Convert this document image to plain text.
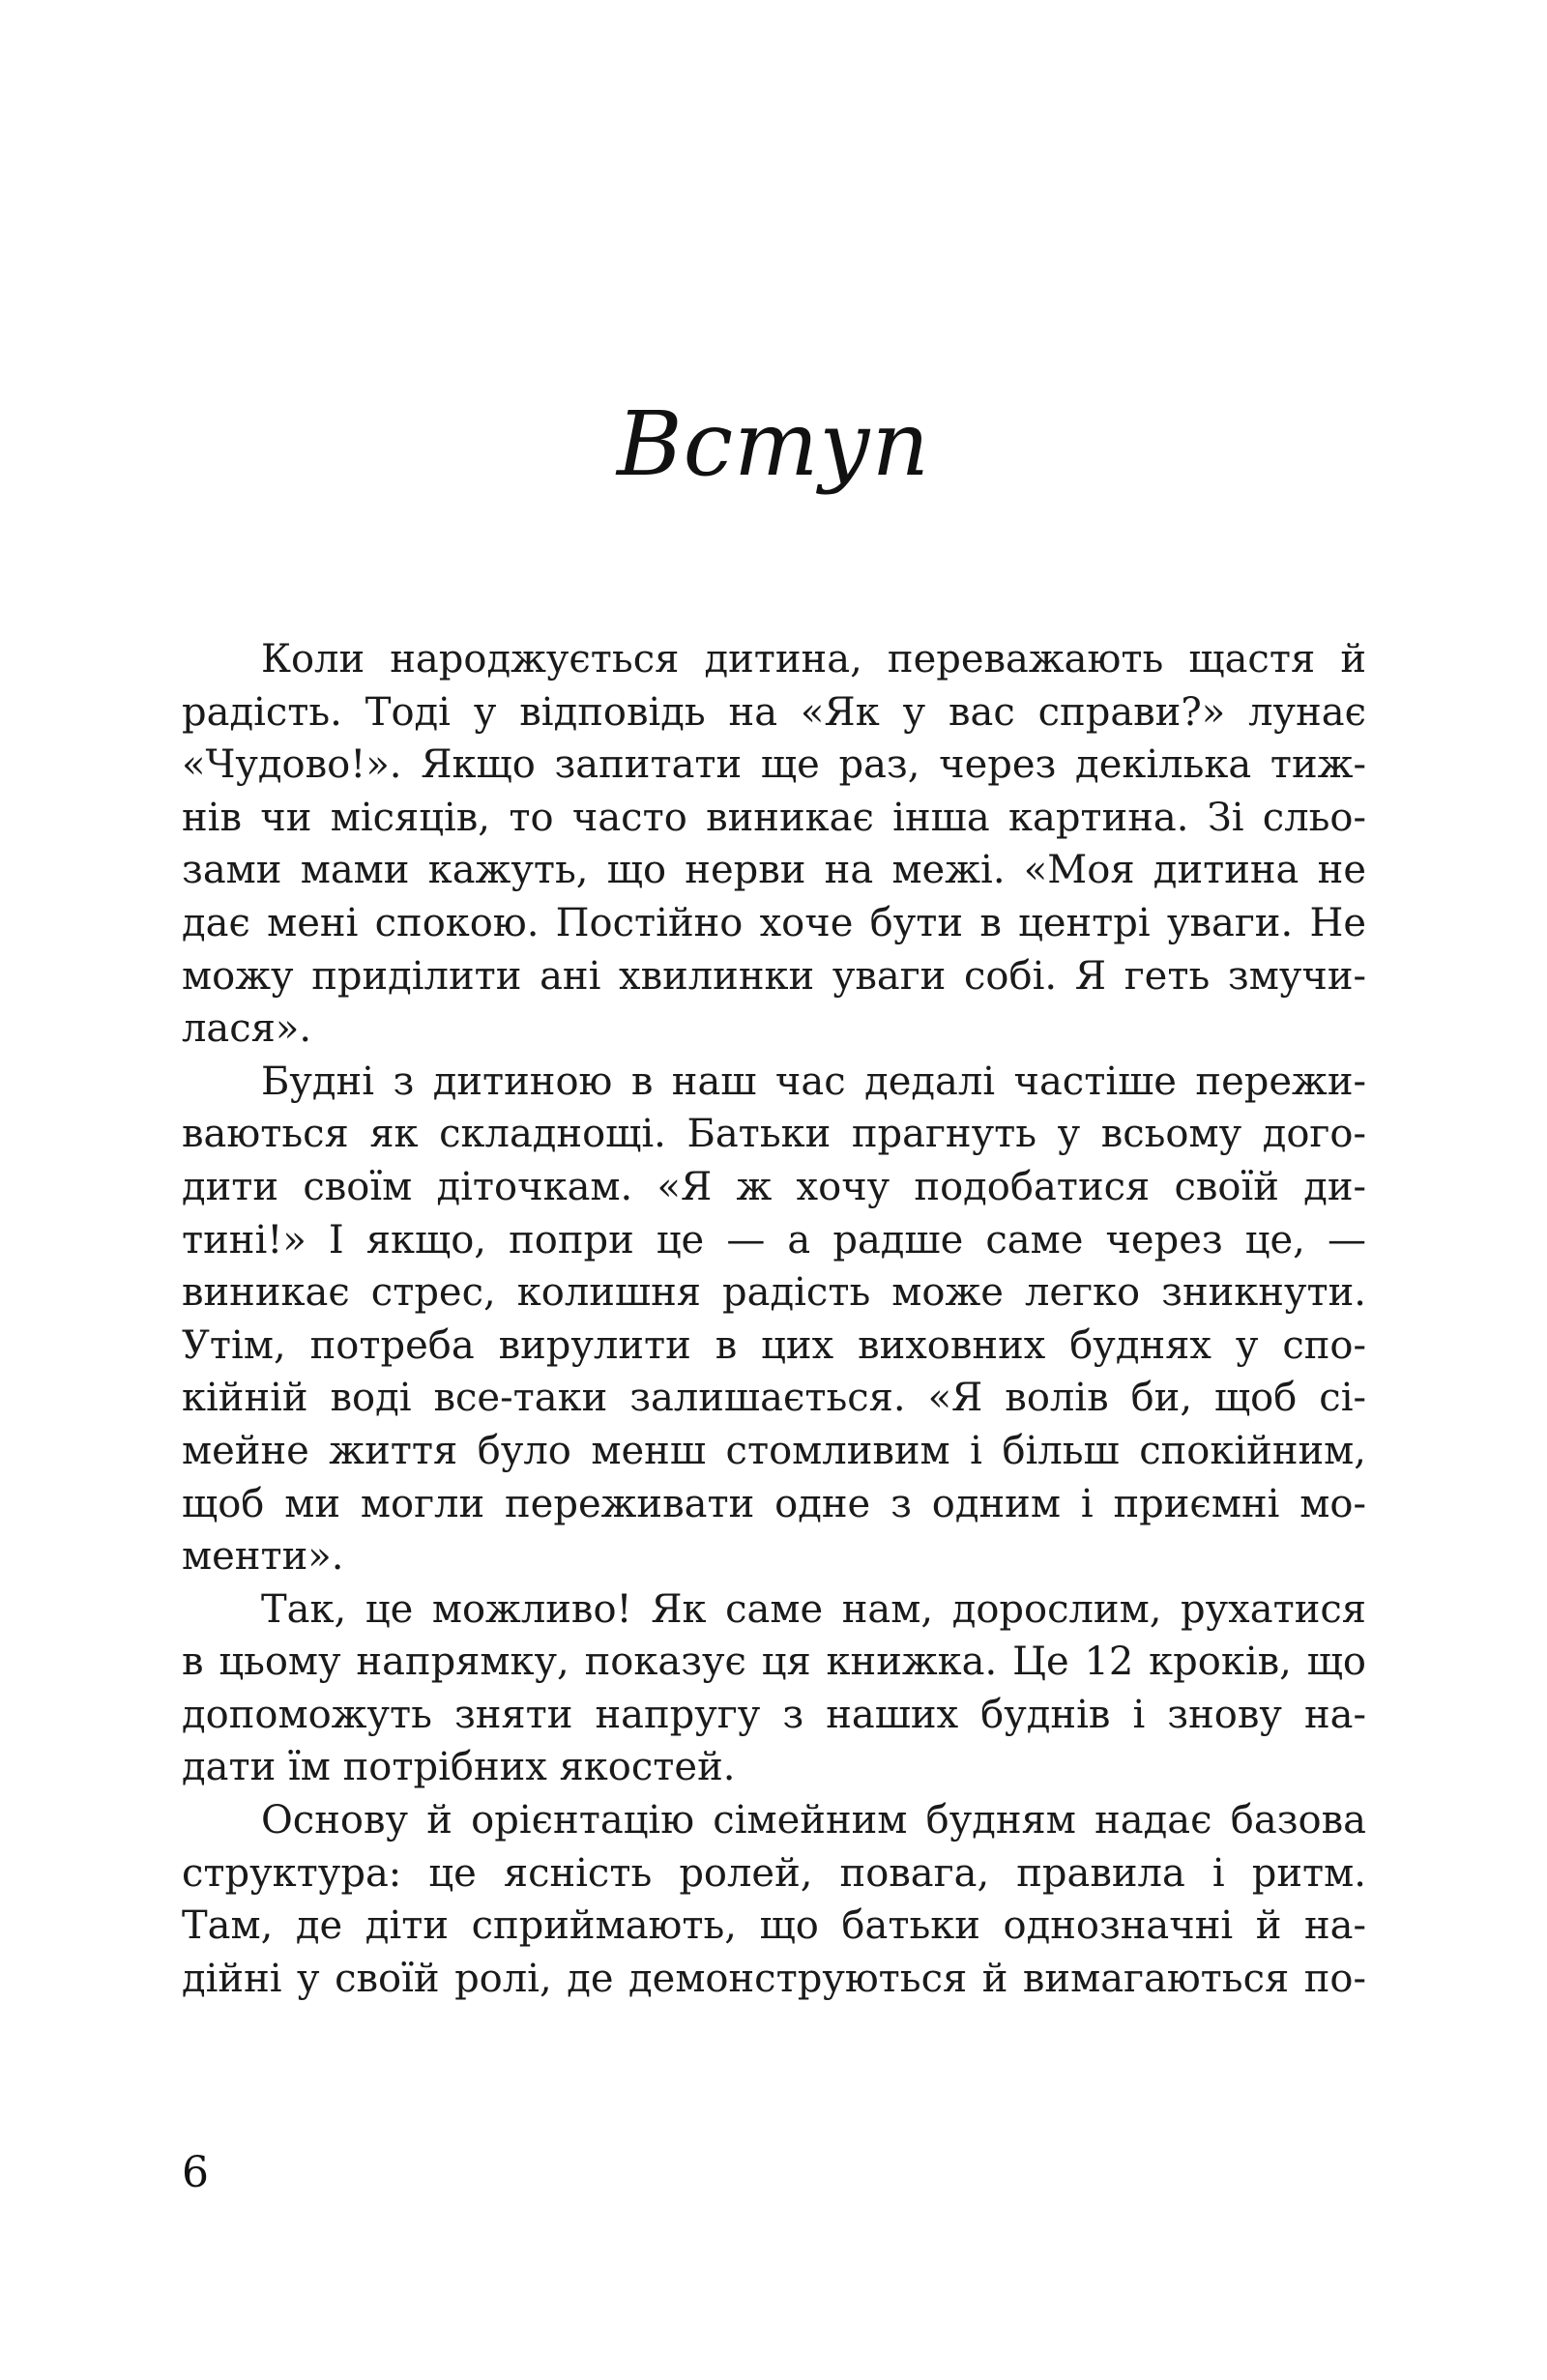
Вступ
Коли народжується дитина, переважають щастя й
радість. Тоді у відповідь на «Як у вас справи?» лунає
«Чудово!». Якщо запитати ще раз, через декілька тиж-
нів чи місяців, то часто виникає інша картина. Зі сльо-
зами мами кажуть, що нерви на межі. «Моя дитина не
дає мені спокою. Постійно хоче бути в центрі уваги. Не
можу приділити ані хвилинки уваги собі. Я геть змучи-
лася».
Будні з дитиною в наш час дедалі частіше пережи-
ваються як складнощі. Батьки прагнуть у всьому дого-
дити своїм діточкам. «Я ж хочу подобатися своїй ди-
тині!» І якщо, попри це — а радше саме через це, —
виникає стрес, колишня радість може легко зникнути.
Утім, потреба вирулити в цих виховних буднях у спо-
кійній воді все-таки залишається. «Я волів би, щоб сі-
мейне життя було менш стомливим і більш спокійним,
щоб ми могли переживати одне з одним і приємні мо-
менти».
Так, це можливо! Як саме нам, дорослим, рухатися
в цьому напрямку, показує ця книжка. Це 12 кроків, що
допоможуть зняти напругу з наших буднів і знову на-
дати їм потрібних якостей.
Основу й орієнтацію сімейним будням надає базова
структура: це ясність ролей, повага, правила і ритм.
Там, де діти сприймають, що батьки однозначні й на-
дійні у своїй ролі, де демонструються й вимагаються по-
6
